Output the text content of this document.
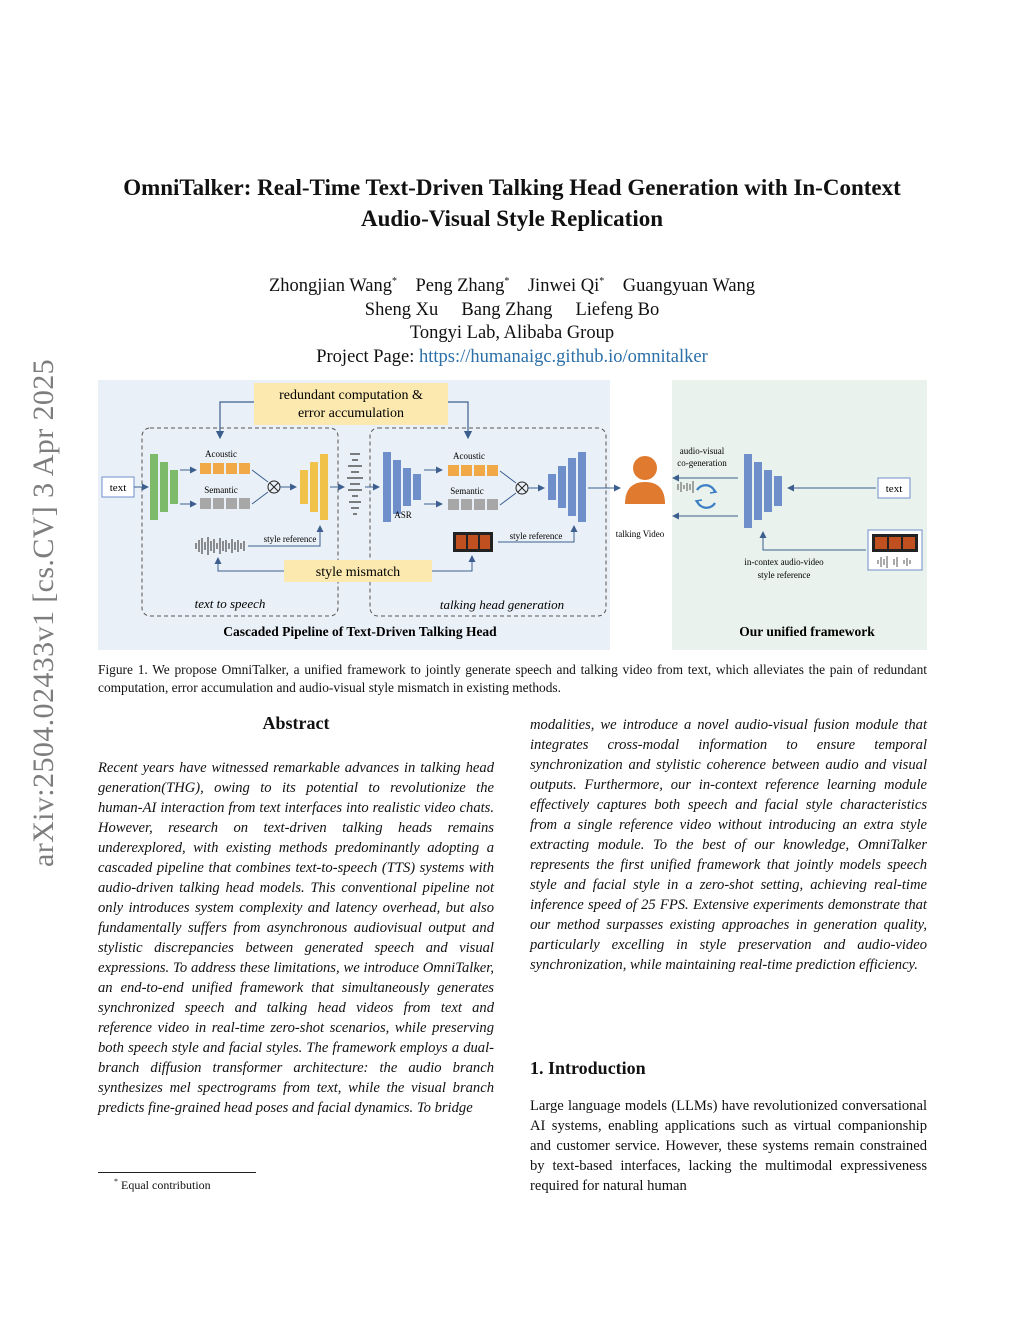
arXiv:2504.02433v1 [cs.CV] 3 Apr 2025
OmniTalker: Real-Time Text-Driven Talking Head Generation with In-Context
Audio-Visual Style Replication
Zhongjian Wang* Peng Zhang* Jinwei Qi* Guangyuan Wang
Sheng Xu Bang Zhang Liefeng Bo
Tongyi Lab, Alibaba Group
Project Page: https://humanaigc.github.io/omnitalker
redundant computation &
error accumulation
text
Acoustic
Semantic
style reference
ASR
Acoustic
Semantic
style reference
style mismatch
text to speech	talking head generation
Cascaded Pipeline of Text-Driven Talking Head
talking Video
audio-visual
co-generation
text
in-contex audio-video
style reference
Our unified framework
Figure 1. We propose OmniTalker, a unified framework to jointly generate speech and talking video from text, which alleviates the pain of redundant computation, error accumulation and audio-visual style mismatch in existing methods.
Abstract
Recent years have witnessed remarkable advances in talking head generation(THG), owing to its potential to revolutionize the human-AI interaction from text interfaces into realistic video chats. However, research on text-driven talking heads remains underexplored, with existing methods predominantly adopting a cascaded pipeline that combines text-to-speech (TTS) systems with audio-driven talking head models. This conventional pipeline not only introduces system complexity and latency overhead, but also fundamentally suffers from asynchronous audiovisual output and stylistic discrepancies between generated speech and visual expressions. To address these limitations, we introduce OmniTalker, an end-to-end unified framework that simultaneously generates synchronized speech and talking head videos from text and reference video in real-time zero-shot scenarios, while preserving both speech style and facial styles. The framework employs a dual-branch diffusion transformer architecture: the audio branch synthesizes mel spectrograms from text, while the visual branch predicts fine-grained head poses and facial dynamics. To bridge
modalities, we introduce a novel audio-visual fusion module that integrates cross-modal information to ensure temporal synchronization and stylistic coherence between audio and visual outputs. Furthermore, our in-context reference learning module effectively captures both speech and facial style characteristics from a single reference video without introducing an extra style extracting module. To the best of our knowledge, OmniTalker represents the first unified framework that jointly models speech style and facial style in a zero-shot setting, achieving real-time inference speed of 25 FPS. Extensive experiments demonstrate that our method surpasses existing approaches in generation quality, particularly excelling in style preservation and audio-video synchronization, while maintaining real-time prediction efficiency.
1. Introduction
Large language models (LLMs) have revolutionized conversational AI systems, enabling applications such as virtual companionship and customer service. However, these systems remain constrained by text-based interfaces, lacking the multimodal expressiveness required for natural human
* Equal contribution
